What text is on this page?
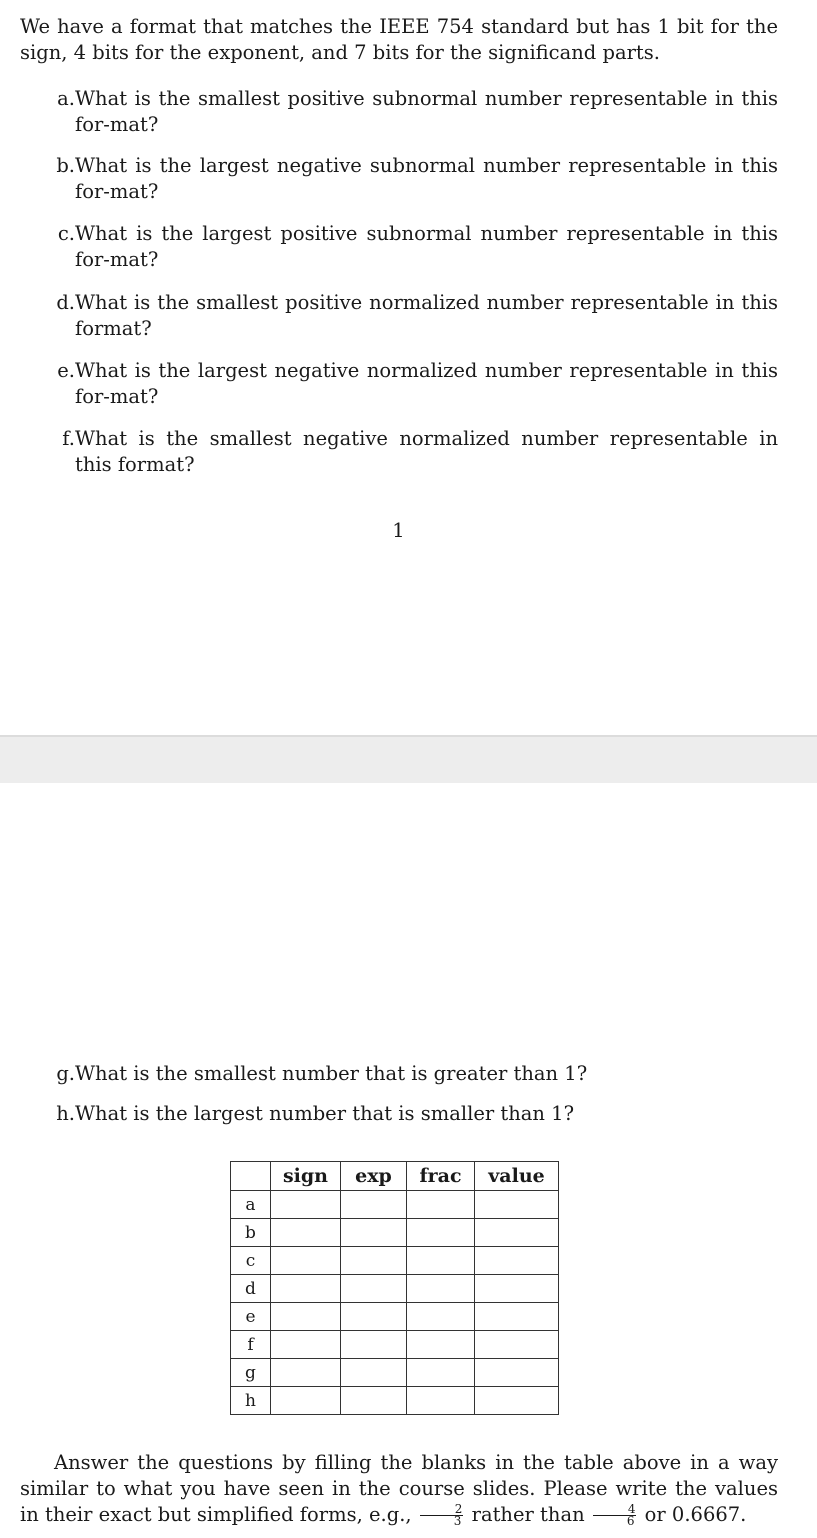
We have a format that matches the IEEE 754 standard but has 1 bit for the sign, 4 bits for the exponent, and 7 bits for the significand parts.
a. What is the smallest positive subnormal number representable in this for-mat?
b. What is the largest negative subnormal number representable in this for-mat?
c. What is the largest positive subnormal number representable in this for-mat?
d. What is the smallest positive normalized number representable in this format?
e. What is the largest negative normalized number representable in this for-mat?
f. What is the smallest negative normalized number representable in this format?
1
g. What is the smallest number that is greater than 1?
h. What is the largest number that is smaller than 1?
	sign	exp	frac	value
a				
b				
c				
d				
e				
f				
g				
h				
Answer the questions by filling the blanks in the table above in a way similar to what you have seen in the course slides. Please write the values in their exact but simplified forms, e.g., $\frac{2}{3}$ rather than $\frac{4}{6}$ or 0.6667.
